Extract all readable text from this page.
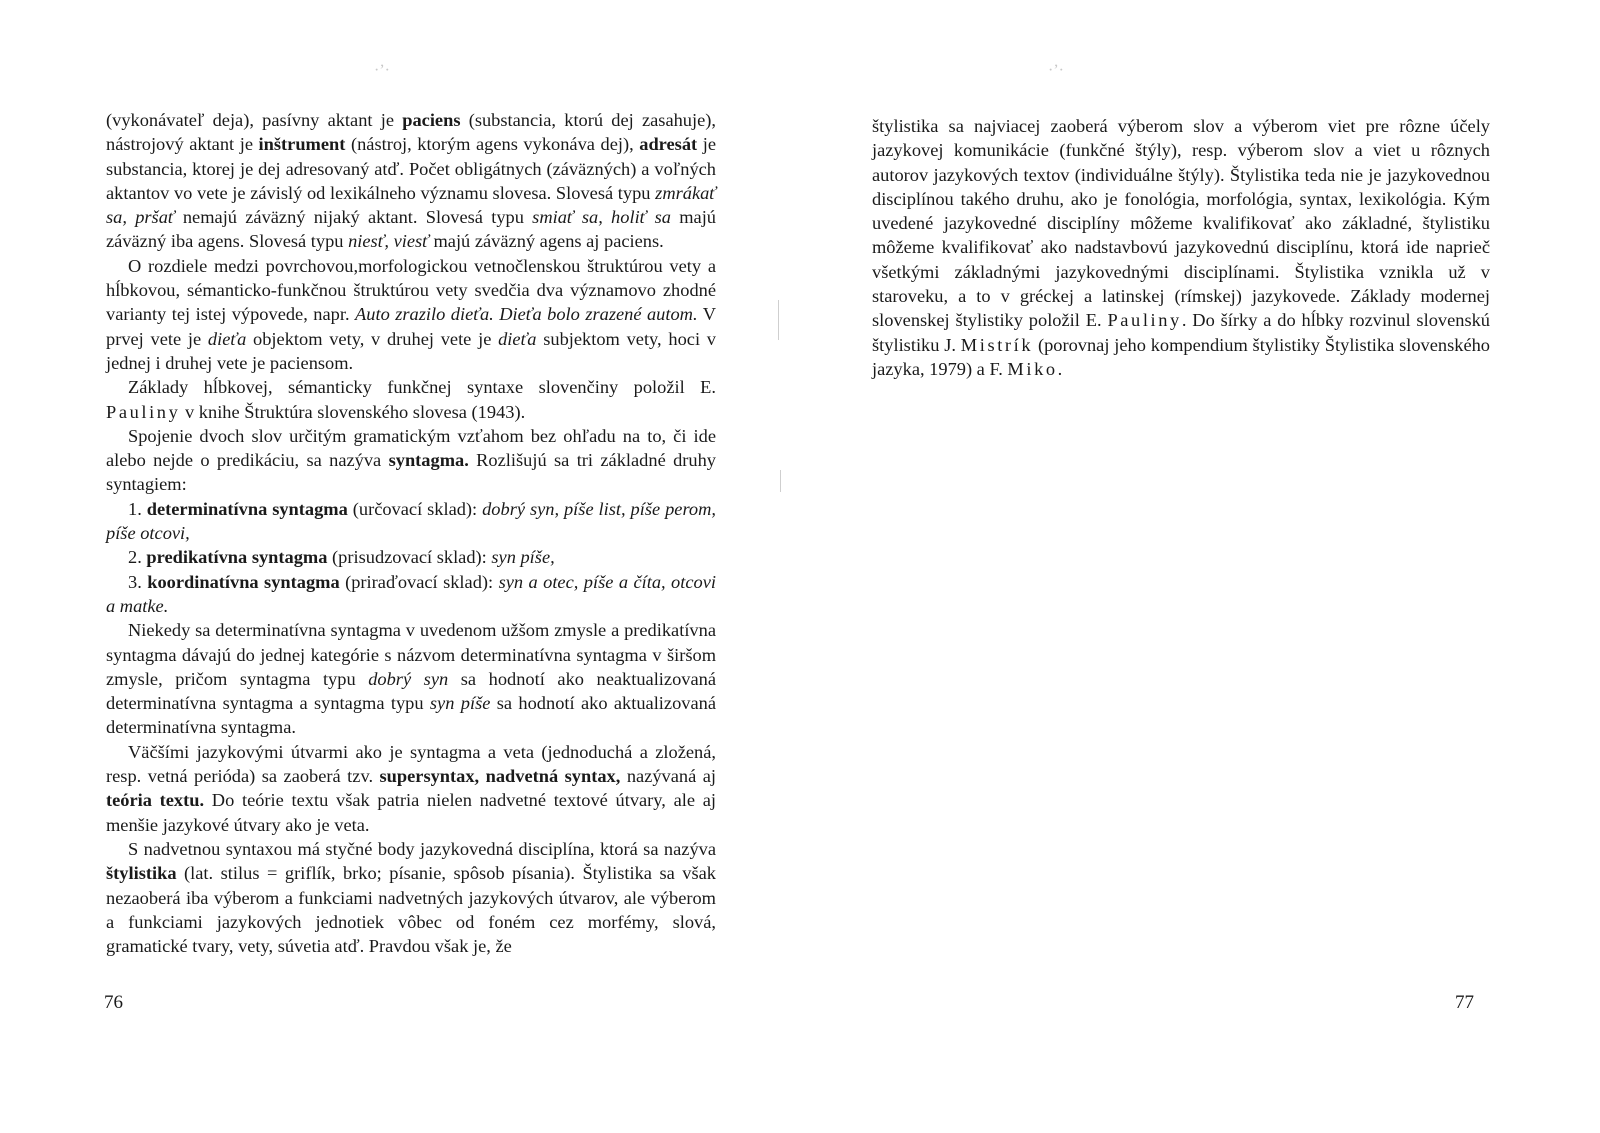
·ʼ·

(vykonávateľ deja), pasívny aktant je paciens (substancia, ktorú dej zasahuje), nástrojový aktant je inštrument (nástroj, ktorým agens vykonáva dej), adresát je substancia, ktorej je dej adresovaný atď. Počet obligátnych (záväzných) a voľných aktantov vo vete je závislý od lexikálneho významu slovesa. Slovesá typu zmrákať sa, pršať nemajú záväzný nijaký aktant. Slovesá typu smiať sa, holiť sa majú záväzný iba agens. Slovesá typu niesť, viesť majú záväzný agens aj paciens.

O rozdiele medzi povrchovou,morfologickou vetnočlenskou štruktúrou vety a hĺbkovou, sémanticko-funkčnou štruktúrou vety svedčia dva významovo zhodné varianty tej istej výpovede, napr. Auto zrazilo dieťa. Dieťa bolo zrazené autom. V prvej vete je dieťa objektom vety, v druhej vete je dieťa subjektom vety, hoci v jednej i druhej vete je paciensom.

Základy hĺbkovej, sémanticky funkčnej syntaxe slovenčiny položil E. Pauliny v knihe Štruktúra slovenského slovesa (1943).

Spojenie dvoch slov určitým gramatickým vzťahom bez ohľadu na to, či ide alebo nejde o predikáciu, sa nazýva syntagma. Rozlišujú sa tri základné druhy syntagiem:

1. determinatívna syntagma (určovací sklad): dobrý syn, píše list, píše perom, píše otcovi,

2. predikatívna syntagma (prisudzovací sklad): syn píše,

3. koordinatívna syntagma (priraďovací sklad): syn a otec, píše a číta, otcovi a matke.

Niekedy sa determinatívna syntagma v uvedenom užšom zmysle a predikatívna syntagma dávajú do jednej kategórie s názvom determinatívna syntagma v širšom zmysle, pričom syntagma typu dobrý syn sa hodnotí ako neaktualizovaná determinatívna syntagma a syntagma typu syn píše sa hodnotí ako aktualizovaná determinatívna syntagma.

Väčšími jazykovými útvarmi ako je syntagma a veta (jednoduchá a zložená, resp. vetná perióda) sa zaoberá tzv. supersyntax, nadvetná syntax, nazývaná aj teória textu. Do teórie textu však patria nielen nadvetné textové útvary, ale aj menšie jazykové útvary ako je veta.

S nadvetnou syntaxou má styčné body jazykovedná disciplína, ktorá sa nazýva štylistika (lat. stilus = griflík, brko; písanie, spôsob písania). Štylistika sa však nezaoberá iba výberom a funkciami nadvetných jazykových útvarov, ale výberom a funkciami jazykových jednotiek vôbec od foném cez morfémy, slová, gramatické tvary, vety, súvetia atď. Pravdou však je, že

76
·ʼ·

štylistika sa najviacej zaoberá výberom slov a výberom viet pre rôzne účely jazykovej komunikácie (funkčné štýly), resp. výberom slov a viet u rôznych autorov jazykových textov (individuálne štýly). Štylistika teda nie je jazykovednou disciplínou takého druhu, ako je fonológia, morfológia, syntax, lexikológia. Kým uvedené jazykovedné disciplíny môžeme kvalifikovať ako základné, štylistiku môžeme kvalifikovať ako nadstavbovú jazykovednú disciplínu, ktorá ide naprieč všetkými základnými jazykovednými disciplínami. Štylistika vznikla už v staroveku, a to v gréckej a latinskej (rímskej) jazykovede. Základy modernej slovenskej štylistiky položil E. Pauliny. Do šírky a do hĺbky rozvinul slovenskú štylistiku J. Mistrík (porovnaj jeho kompendium štylistiky Štylistika slovenského jazyka, 1979) a F. Miko.

77
